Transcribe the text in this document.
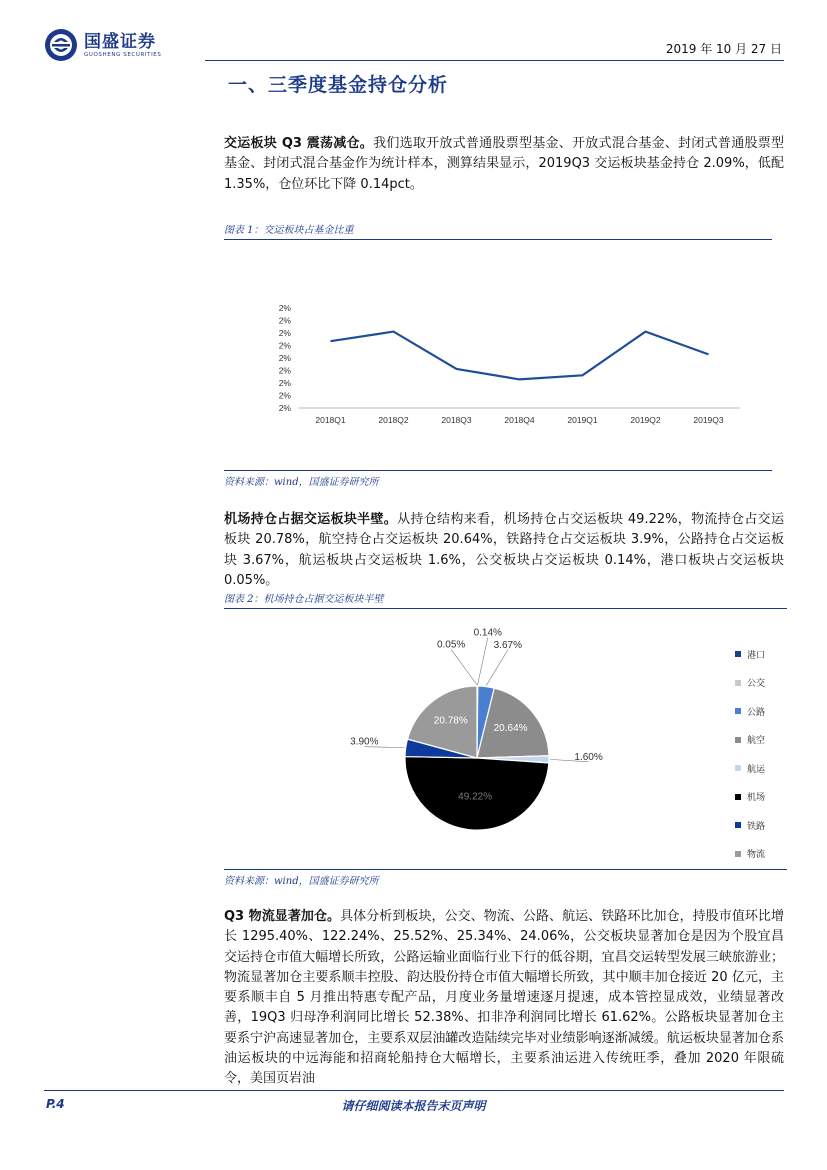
国盛证券
GUOSHENG SECURITIES	2019 年 10 月 27 日
一、三季度基金持仓分析
交运板块 Q3 震荡减仓。我们选取开放式普通股票型基金、开放式混合基金、封闭式普通股票型基金、封闭式混合基金作为统计样本，测算结果显示，2019Q3 交运板块基金持仓 2.09%，低配 1.35%，仓位环比下降 0.14pct。
图表 1：交运板块占基金比重
2%
2%
2%
2%
2%
2%
2%
2%
2%
2018Q1	2018Q2	2018Q3	2018Q4	2019Q1	2019Q2	2019Q3
资料来源：wind，国盛证券研究所
机场持仓占据交运板块半壁。从持仓结构来看，机场持仓占交运板块 49.22%，物流持仓占交运板块 20.78%，航空持仓占交运板块 20.64%，铁路持仓占交运板块 3.9%，公路持仓占交运板块 3.67%，航运板块占交运板块 1.6%，公交板块占交运板块 0.14%，港口板块占交运板块 0.05%。
图表 2：机场持仓占据交运板块半壁
0.05%
0.14%
3.67%
20.64%
1.60%
49.22%
3.90%
20.78%
港口
公交
公路
航空
航运
机场
铁路
物流
资料来源：wind，国盛证券研究所
Q3 物流显著加仓。具体分析到板块，公交、物流、公路、航运、铁路环比加仓，持股市值环比增长 1295.40%、122.24%、25.52%、25.34%、24.06%，公交板块显著加仓是因为个股宜昌交运持仓市值大幅增长所致，公路运输业面临行业下行的低谷期，宜昌交运转型发展三峡旅游业；物流显著加仓主要系顺丰控股、韵达股份持仓市值大幅增长所致，其中顺丰加仓接近 20 亿元，主要系顺丰自 5 月推出特惠专配产品，月度业务量增速逐月提速，成本管控显成效，业绩显著改善，19Q3 归母净利润同比增长 52.38%、扣非净利润同比增长 61.62%。公路板块显著加仓主要系宁沪高速显著加仓，主要系双层油罐改造陆续完毕对业绩影响逐渐减缓。航运板块显著加仓系油运板块的中远海能和招商轮船持仓大幅增长，主要系油运进入传统旺季，叠加 2020 年限硫令，美国页岩油
P.4	请仔细阅读本报告末页声明
